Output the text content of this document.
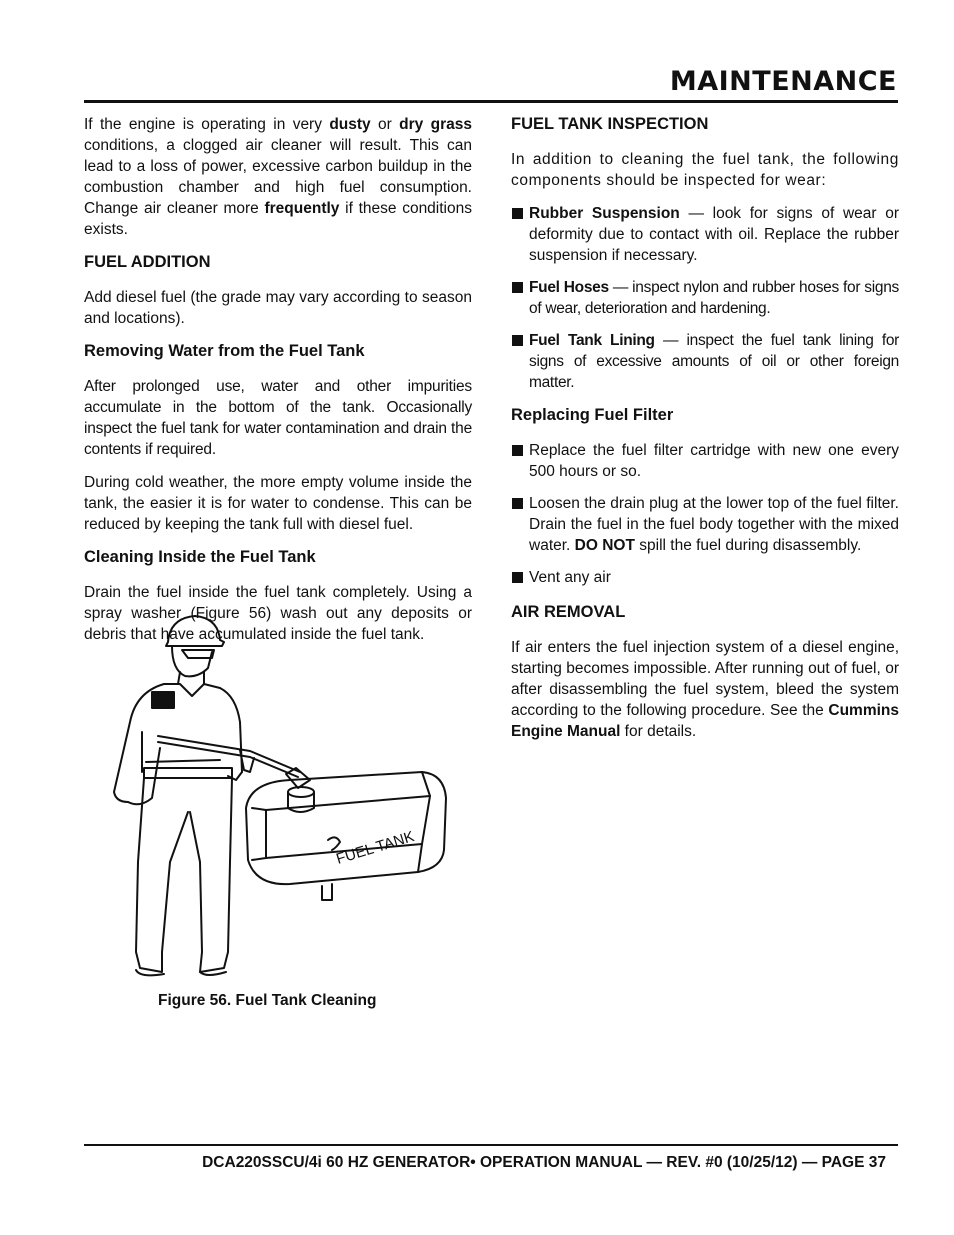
MAINTENANCE

If the engine is operating in very dusty or dry grass conditions, a clogged air cleaner will result. This can lead to a loss of power, excessive carbon buildup in the combustion chamber and high fuel consumption. Change air cleaner more frequently if these conditions exists.

FUEL ADDITION

Add diesel fuel (the grade may vary according to season and locations).

Removing Water from the Fuel Tank

After prolonged use, water and other impurities accumulate in the bottom of the tank. Occasionally inspect the fuel tank for water contamination and drain the contents if required.

During cold weather, the more empty volume inside the tank, the easier it is for water to condense. This can be reduced by keeping the tank full with diesel fuel.

Cleaning Inside the Fuel Tank

Drain the fuel inside the fuel tank completely. Using a spray washer (Figure 56) wash out any deposits or debris that have accumulated inside the fuel tank.

FUEL TANK
Figure 56. Fuel Tank Cleaning
FUEL TANK INSPECTION

In addition to cleaning the fuel tank, the following components should be inspected for wear:

Rubber Suspension — look for signs of wear or deformity due to contact with oil. Replace the rubber suspension if necessary.
Fuel Hoses — inspect nylon and rubber hoses for signs of wear, deterioration and hardening.
Fuel Tank Lining — inspect the fuel tank lining for signs of excessive amounts of oil or other foreign matter.
Replacing Fuel Filter
Replace the fuel filter cartridge with new one every 500 hours or so.
Loosen the drain plug at the lower top of the fuel filter. Drain the fuel in the fuel body together with the mixed water. DO NOT spill the fuel during disassembly.
Vent any air
AIR REMOVAL

If air enters the fuel injection system of a diesel engine, starting becomes impossible. After running out of fuel, or after disassembling the fuel system, bleed the system according to the following procedure. See the Cummins Engine Manual for details.

DCA220SSCU/4i 60 HZ GENERATOR• OPERATION MANUAL — REV. #0 (10/25/12) — PAGE 37
